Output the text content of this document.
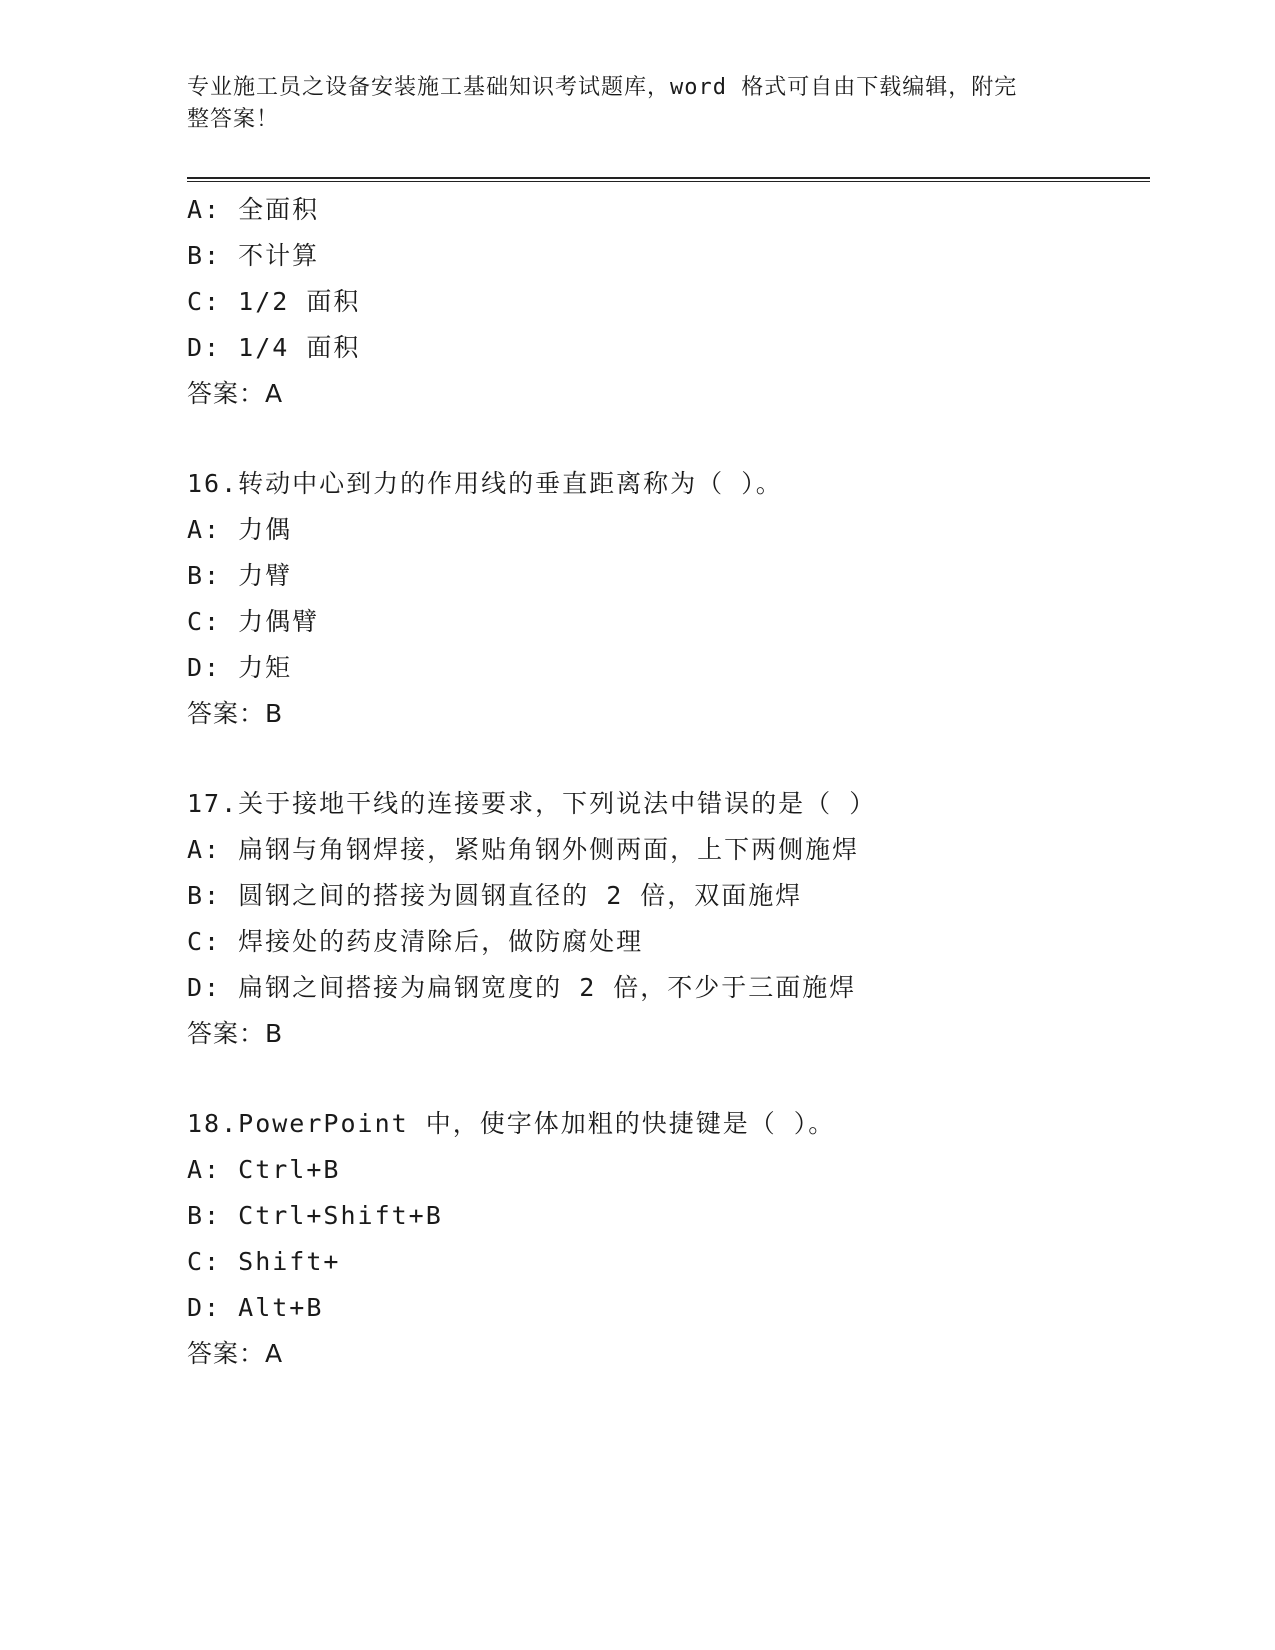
专业施工员之设备安装施工基础知识考试题库，word 格式可自由下载编辑，附完
整答案！
A: 全面积
B: 不计算
C: 1/2 面积
D: 1/4 面积
答案：A
16.转动中心到力的作用线的垂直距离称为（ ）。
A: 力偶
B: 力臂
C: 力偶臂
D: 力矩
答案：B
17.关于接地干线的连接要求，下列说法中错误的是（ ）
A: 扁钢与角钢焊接，紧贴角钢外侧两面，上下两侧施焊
B: 圆钢之间的搭接为圆钢直径的 2 倍，双面施焊
C: 焊接处的药皮清除后，做防腐处理
D: 扁钢之间搭接为扁钢宽度的 2 倍，不少于三面施焊
答案：B
18.PowerPoint 中，使字体加粗的快捷键是（ ）。
A: Ctrl+B
B: Ctrl+Shift+B
C: Shift+
D: Alt+B
答案：A
